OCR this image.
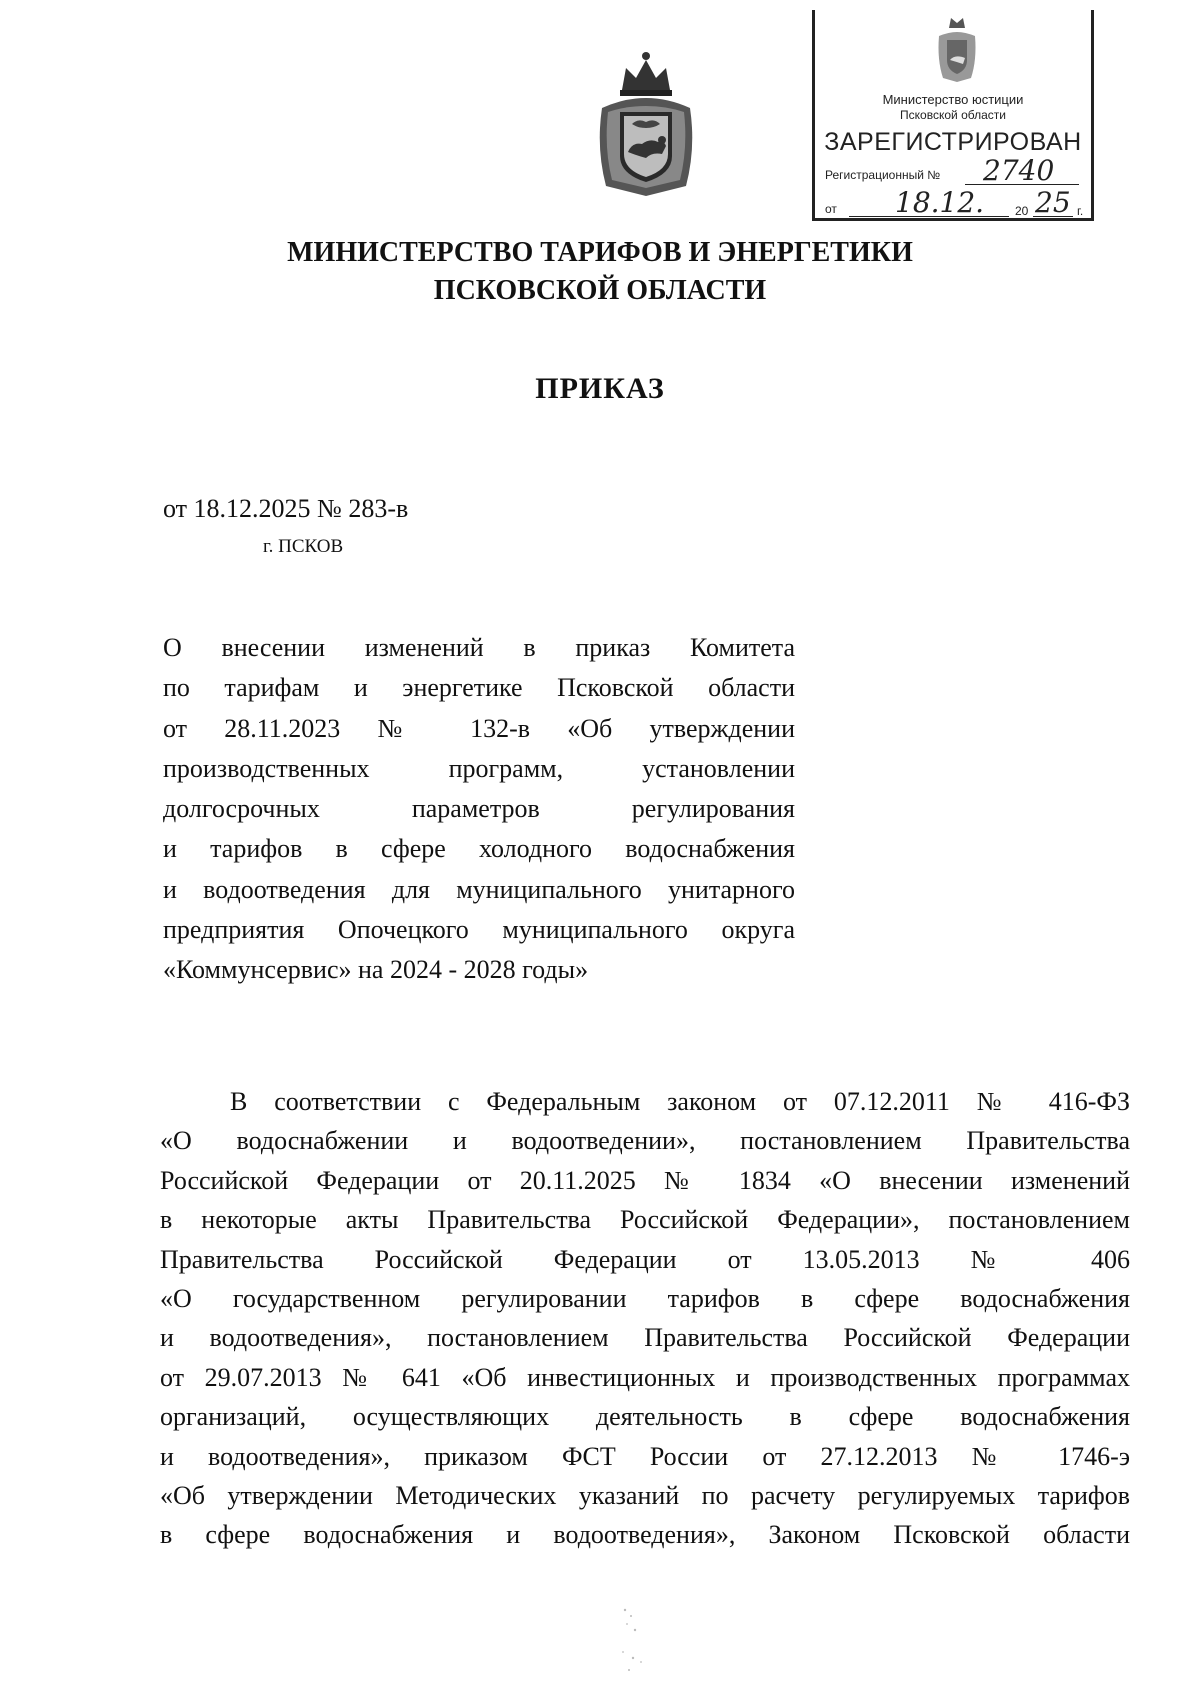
Министерство юстиции
Псковской области
ЗАРЕГИСТРИРОВАН
Регистрационный № 2740
от 18.12.	20 25 г.
МИНИСТЕРСТВО ТАРИФОВ И ЭНЕРГЕТИКИ
ПСКОВСКОЙ ОБЛАСТИ
ПРИКАЗ
от 18.12.2025 № 283-в
г. ПСКОВ
О внесении изменений в приказ Комитета
по тарифам и энергетике Псковской области
от 28.11.2023 № 132-в «Об утверждении
производственных программ, установлении
долгосрочных параметров регулирования
и тарифов в сфере холодного водоснабжения
и водоотведения для муниципального унитарного
предприятия Опочецкого муниципального округа
«Коммунсервис» на 2024 - 2028 годы»
В соответствии с Федеральным законом от 07.12.2011 № 416-ФЗ
«О водоснабжении и водоотведении», постановлением Правительства
Российской Федерации от 20.11.2025 № 1834 «О внесении изменений
в некоторые акты Правительства Российской Федерации», постановлением
Правительства Российской Федерации от 13.05.2013 № 406
«О государственном регулировании тарифов в сфере водоснабжения
и водоотведения», постановлением Правительства Российской Федерации
от 29.07.2013 № 641 «Об инвестиционных и производственных программах
организаций, осуществляющих деятельность в сфере водоснабжения
и водоотведения», приказом ФСТ России от 27.12.2013 № 1746-э
«Об утверждении Методических указаний по расчету регулируемых тарифов
в сфере водоснабжения и водоотведения», Законом Псковской области
